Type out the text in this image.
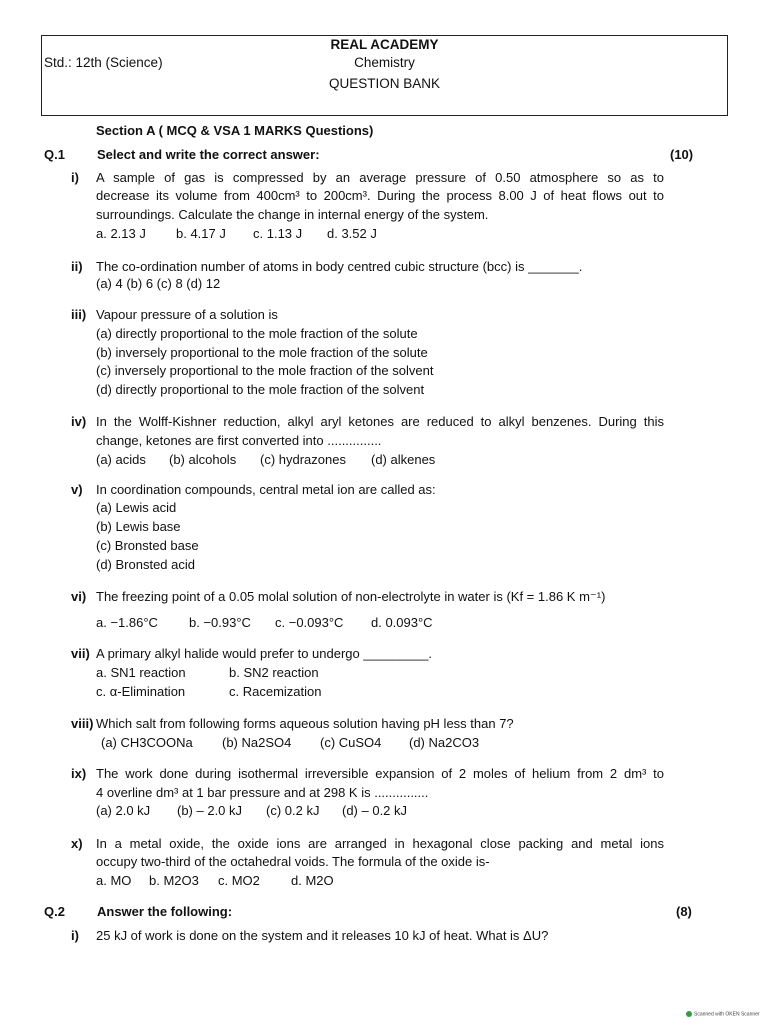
REAL ACADEMY
Std.: 12th (Science)	Chemistry
QUESTION BANK
Section A ( MCQ & VSA 1 MARKS Questions)
Q.1 Select and write the correct answer:	(10)
i) A sample of gas is compressed by an average pressure of 0.50 atmosphere so as to
decrease its volume from 400cm³ to 200cm³. During the process 8.00 J of heat flows out to
surroundings. Calculate the change in internal energy of the system.
a. 2.13 J b. 4.17 J c. 1.13 J d. 3.52 J
ii) The co-ordination number of atoms in body centred cubic structure (bcc) is _______.
(a) 4 (b) 6 (c) 8 (d) 12
iii) Vapour pressure of a solution is
(a) directly proportional to the mole fraction of the solute
(b) inversely proportional to the mole fraction of the solute
(c) inversely proportional to the mole fraction of the solvent
(d) directly proportional to the mole fraction of the solvent
iv) In the Wolff-Kishner reduction, alkyl aryl ketones are reduced to alkyl benzenes. During this
change, ketones are first converted into ...............
(a) acids (b) alcohols (c) hydrazones (d) alkenes
v) In coordination compounds, central metal ion are called as:
(a) Lewis acid
(b) Lewis base
(c) Bronsted base
(d) Bronsted acid
vi) The freezing point of a 0.05 molal solution of non-electrolyte in water is (Kf = 1.86 K m⁻¹)
a. −1.86°C b. −0.93°C c. −0.093°C d. 0.093°C
vii) A primary alkyl halide would prefer to undergo _________.
a. SN1 reaction	b. SN2 reaction
c. α-Elimination	c. Racemization
viii) Which salt from following forms aqueous solution having pH less than 7?
(a) CH3COONa (b) Na2SO4 (c) CuSO4 (d) Na2CO3
ix) The work done during isothermal irreversible expansion of 2 moles of helium from 2 dm³ to
4 overline dm³ at 1 bar pressure and at 298 K is ...............
(a) 2.0 kJ (b) – 2.0 kJ (c) 0.2 kJ (d) – 0.2 kJ
x) In a metal oxide, the oxide ions are arranged in hexagonal close packing and metal ions
occupy two-third of the octahedral voids. The formula of the oxide is-
a. MO b. M2O3 c. MO2 d. M2O
Q.2 Answer the following:	(8)
i) 25 kJ of work is done on the system and it releases 10 kJ of heat. What is ΔU?
Scanned with OKEN Scanner
